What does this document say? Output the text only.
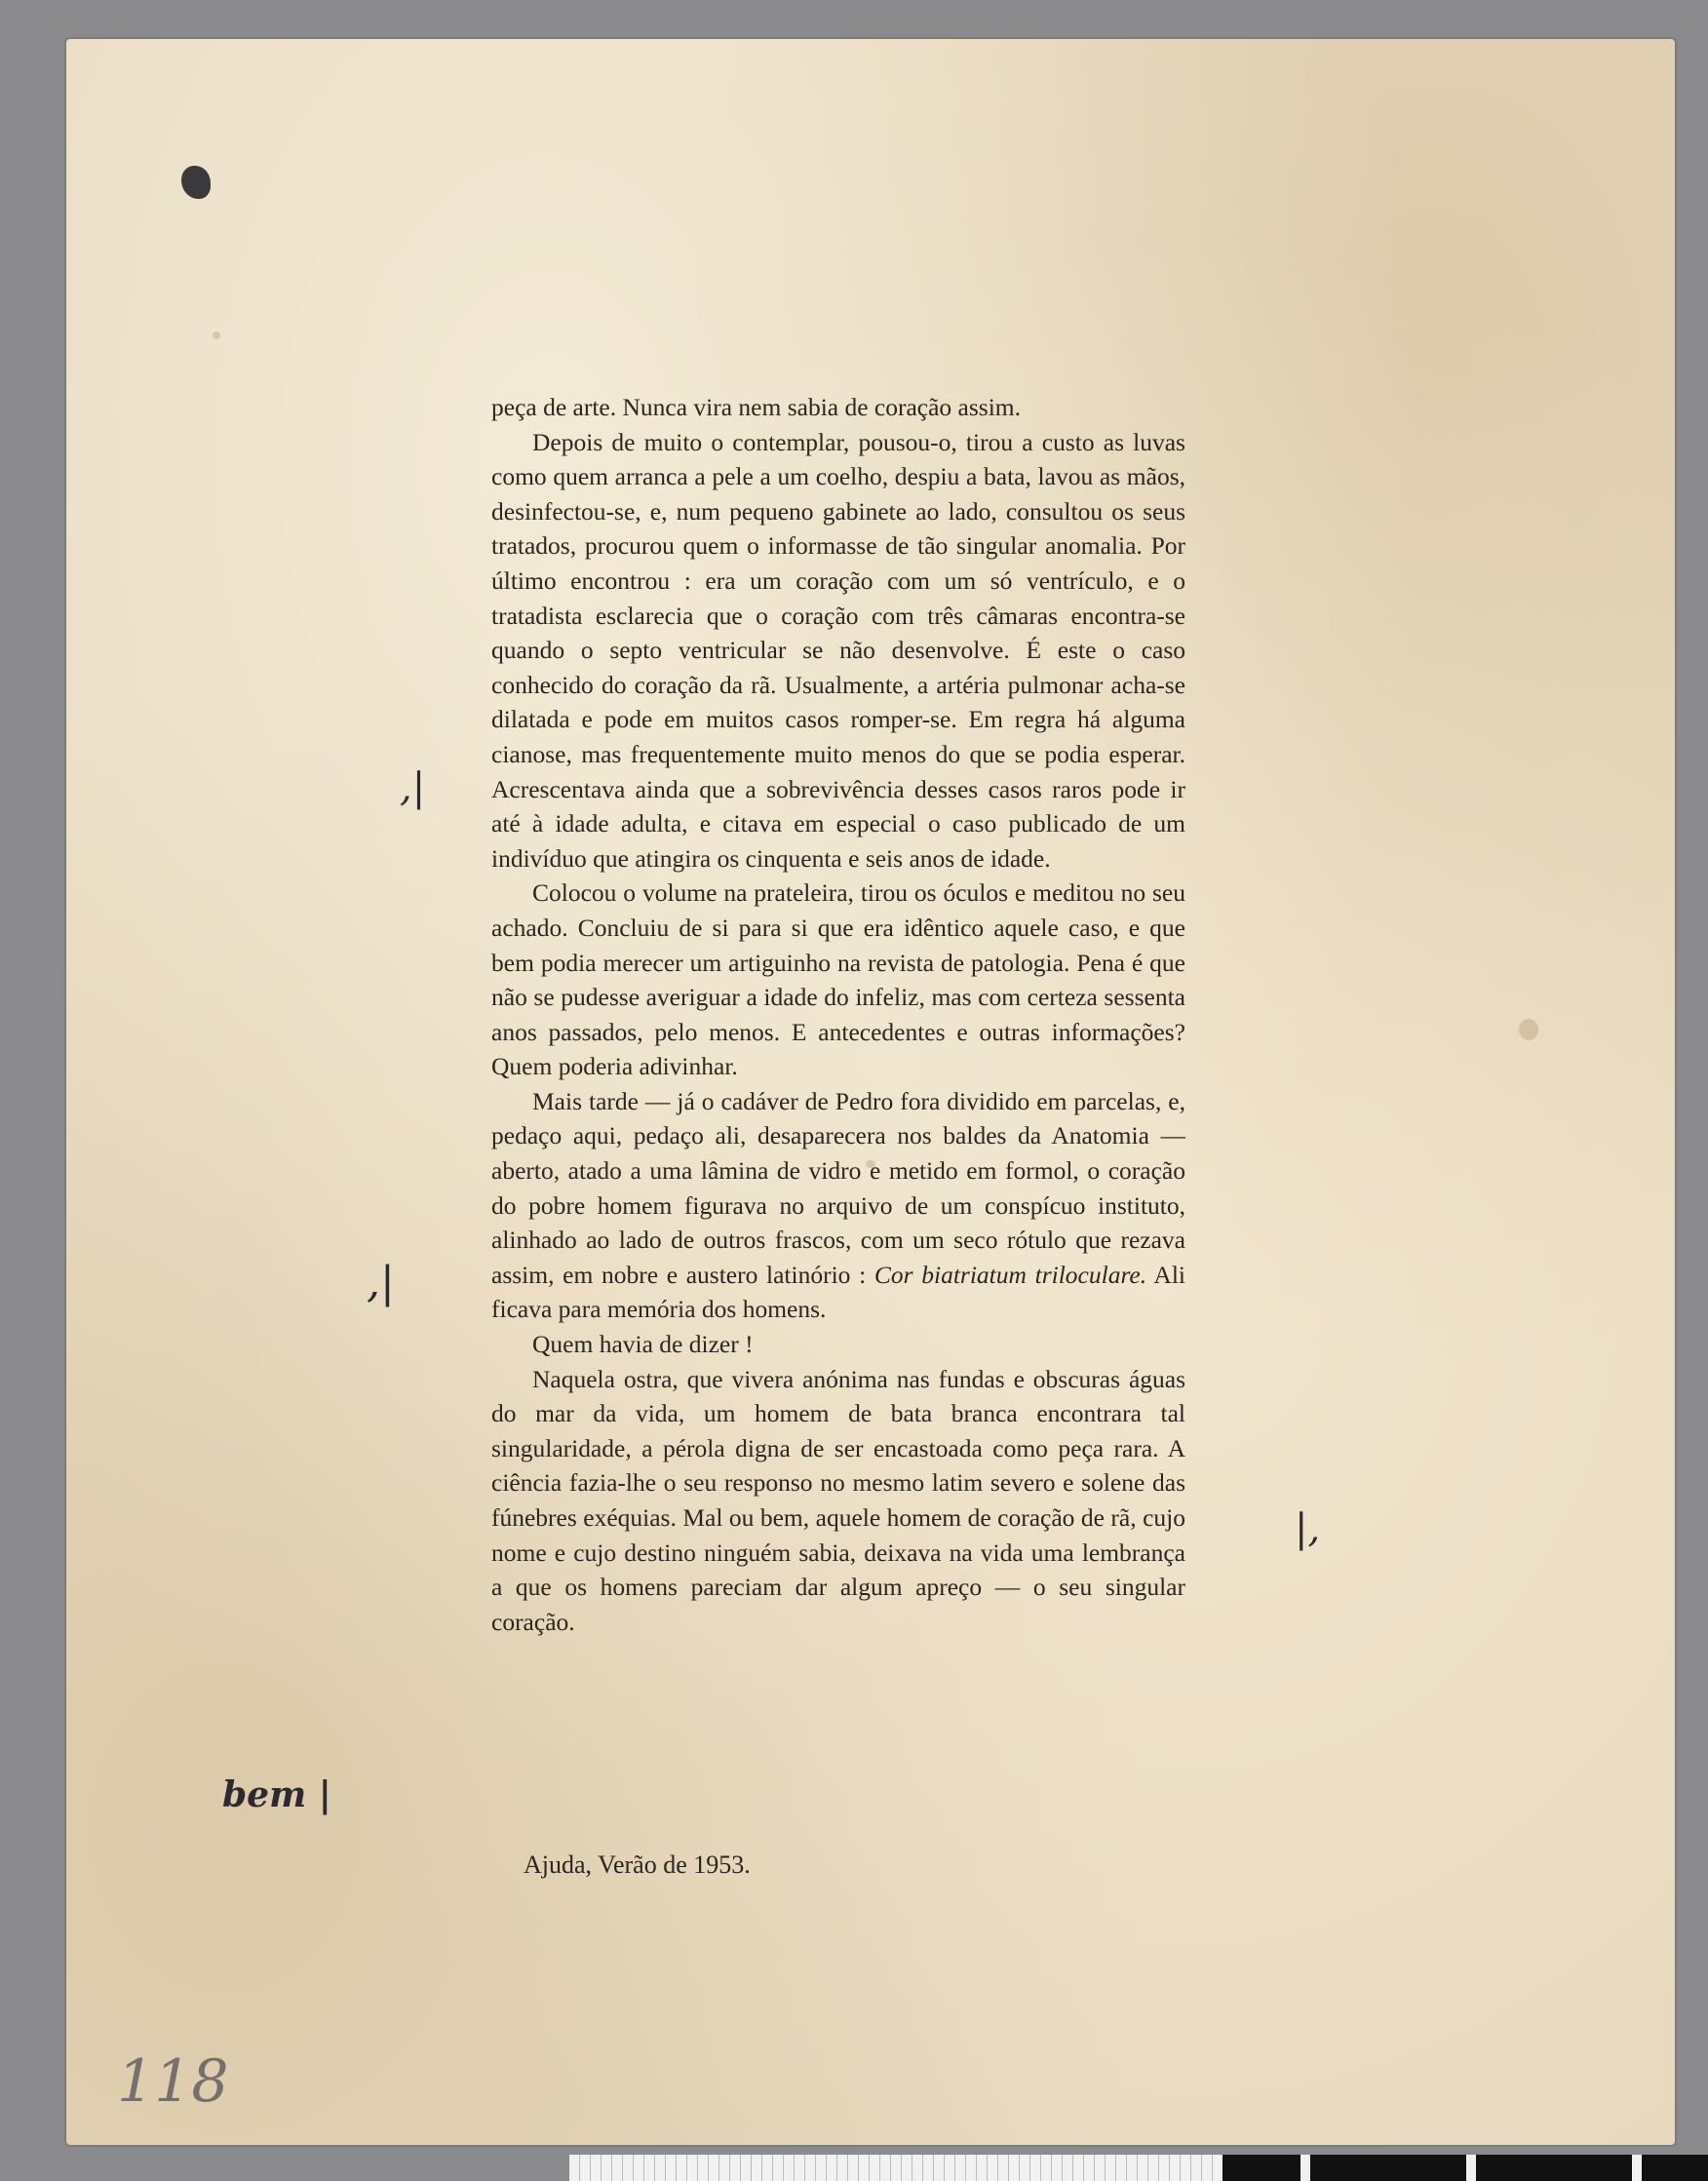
peça de arte. Nunca vira nem sabia de coração assim.

Depois de muito o contemplar, pousou-o, tirou a custo as luvas como quem arranca a pele a um coelho, despiu a bata, lavou as mãos, desinfectou-se, e, num pequeno gabinete ao lado, consultou os seus tratados, procurou quem o informasse de tão singular anomalia. Por último encontrou : era um coração com um só ventrículo, e o tratadista esclarecia que o coração com três câmaras encontra-se quando o septo ventricular se não desenvolve. É este o caso conhecido do coração da rã. Usualmente, a artéria pulmonar acha-se dilatada e pode em muitos casos romper-se. Em regra há alguma cianose, mas frequentemente muito menos do que se podia esperar. Acrescentava ainda que a sobrevivência desses casos raros pode ir até à idade adulta, e citava em especial o caso publicado de um indivíduo que atingira os cinquenta e seis anos de idade.

Colocou o volume na prateleira, tirou os óculos e meditou no seu achado. Concluiu de si para si que era idêntico aquele caso, e que bem podia merecer um artiguinho na revista de patologia. Pena é que não se pudesse averiguar a idade do infeliz, mas com certeza sessenta anos passados, pelo menos. E antecedentes e outras informações? Quem poderia adivinhar.

Mais tarde — já o cadáver de Pedro fora dividido em parcelas, e, pedaço aqui, pedaço ali, desaparecera nos baldes da Anatomia — aberto, atado a uma lâmina de vidro e metido em formol, o coração do pobre homem figurava no arquivo de um conspícuo instituto, alinhado ao lado de outros frascos, com um seco rótulo que rezava assim, em nobre e austero latinório : Cor biatriatum triloculare. Ali ficava para memória dos homens.

Quem havia de dizer !

Naquela ostra, que vivera anónima nas fundas e obscuras águas do mar da vida, um homem de bata branca encontrara tal singularidade, a pérola digna de ser encastoada como peça rara. A ciência fazia-lhe o seu responso no mesmo latim severo e solene das fúnebres exéquias. Mal ou bem, aquele homem de coração de rã, cujo nome e cujo destino ninguém sabia, deixava na vida uma lembrança a que os homens pareciam dar algum apreço — o seu singular coração.

Ajuda, Verão de 1953.
,|
,|
|,
bem |
118
